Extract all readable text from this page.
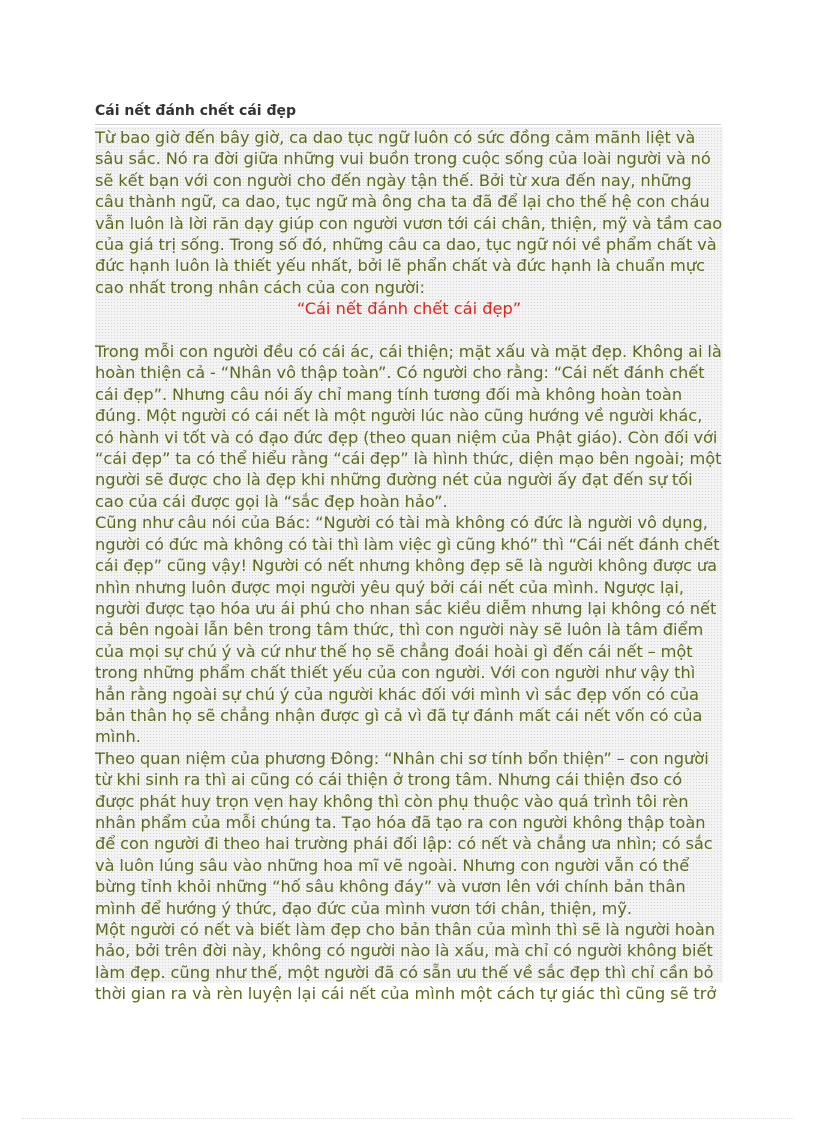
Cái nết đánh chết cái đẹp

Từ bao giờ đến bây giờ, ca dao tục ngữ luôn có sức đồng cảm mãnh liệt và sâu sắc. Nó ra đời giữa những vui buồn trong cuộc sống của loài người và nó sẽ kết bạn với con người cho đến ngày tận thế. Bởi từ xưa đến nay, những câu thành ngữ, ca dao, tục ngữ mà ông cha ta đã để lại cho thế hệ con cháu vẫn luôn là lời răn dạy giúp con người vươn tới cái chân, thiện, mỹ và tầm cao của giá trị sống. Trong số đó, những câu ca dao, tục ngữ nói về phẩm chất và đức hạnh luôn là thiết yếu nhất, bởi lẽ phẩn chất và đức hạnh là chuẩn mực cao nhất trong nhân cách của con người:

“Cái nết đánh chết cái đẹp”

Trong mỗi con người đều có cái ác, cái thiện; mặt xấu và mặt đẹp. Không ai là hoàn thiện cả - “Nhân vô thập toàn”. Có người cho rằng: “Cái nết đánh chết cái đẹp”. Nhưng câu nói ấy chỉ mang tính tương đối mà không hoàn toàn đúng. Một người có cái nết là một người lúc nào cũng hướng về người khác, có hành vi tốt và có đạo đức đẹp (theo quan niệm của Phật giáo). Còn đối với “cái đẹp” ta có thể hiểu rằng “cái đẹp” là hình thức, diện mạo bên ngoài; một người sẽ được cho là đẹp khi những đường nét của người ấy đạt đến sự tối cao của cái được gọi là “sắc đẹp hoàn hảo”.

Cũng như câu nói của Bác: “Người có tài mà không có đức là người vô dụng, người có đức mà không có tài thì làm việc gì cũng khó” thì “Cái nết đánh chết cái đẹp” cũng vậy! Người có nết nhưng không đẹp sẽ là người không được ưa nhìn nhưng luôn được mọi người yêu quý bởi cái nết của mình. Ngược lại, người được tạo hóa ưu ái phú cho nhan sắc kiều diễm nhưng lại không có nết cả bên ngoài lẫn bên trong tâm thức, thì con người này sẽ luôn là tâm điểm của mọi sự chú ý và cứ như thế họ sẽ chẳng đoái hoài gì đến cái nết – một trong những phẩm chất thiết yếu của con người. Với con người như vậy thì hẳn rằng ngoài sự chú ý của người khác đối với mình vì sắc đẹp vốn có của bản thân họ sẽ chẳng nhận được gì cả vì đã tự đánh mất cái nết vốn có của mình.

Theo quan niệm của phương Đông: “Nhân chi sơ tính bổn thiện” – con người từ khi sinh ra thì ai cũng có cái thiện ở trong tâm. Nhưng cái thiện đso có được phát huy trọn vẹn hay không thì còn phụ thuộc vào quá trình tôi rèn nhân phẩm của mỗi chúng ta. Tạo hóa đã tạo ra con người không thập toàn để con người đi theo hai trường phái đối lập: có nết và chẳng ưa nhìn; có sắc và luôn lúng sâu vào những hoa mĩ vẽ ngoài. Nhưng con người vẫn có thể bừng tỉnh khỏi những “hố sâu không đáy” và vươn lên với chính bản thân mình để hướng ý thức, đạo đức của mình vươn tới chân, thiện, mỹ.

Một người có nết và biết làm đẹp cho bản thân của mình thì sẽ là người hoàn hảo, bởi trên đời này, không có người nào là xấu, mà chỉ có người không biết làm đẹp. cũng như thế, một người đã có sẵn ưu thế về sắc đẹp thì chỉ cần bỏ thời gian ra và rèn luyện lại cái nết của mình một cách tự giác thì cũng sẽ trở
